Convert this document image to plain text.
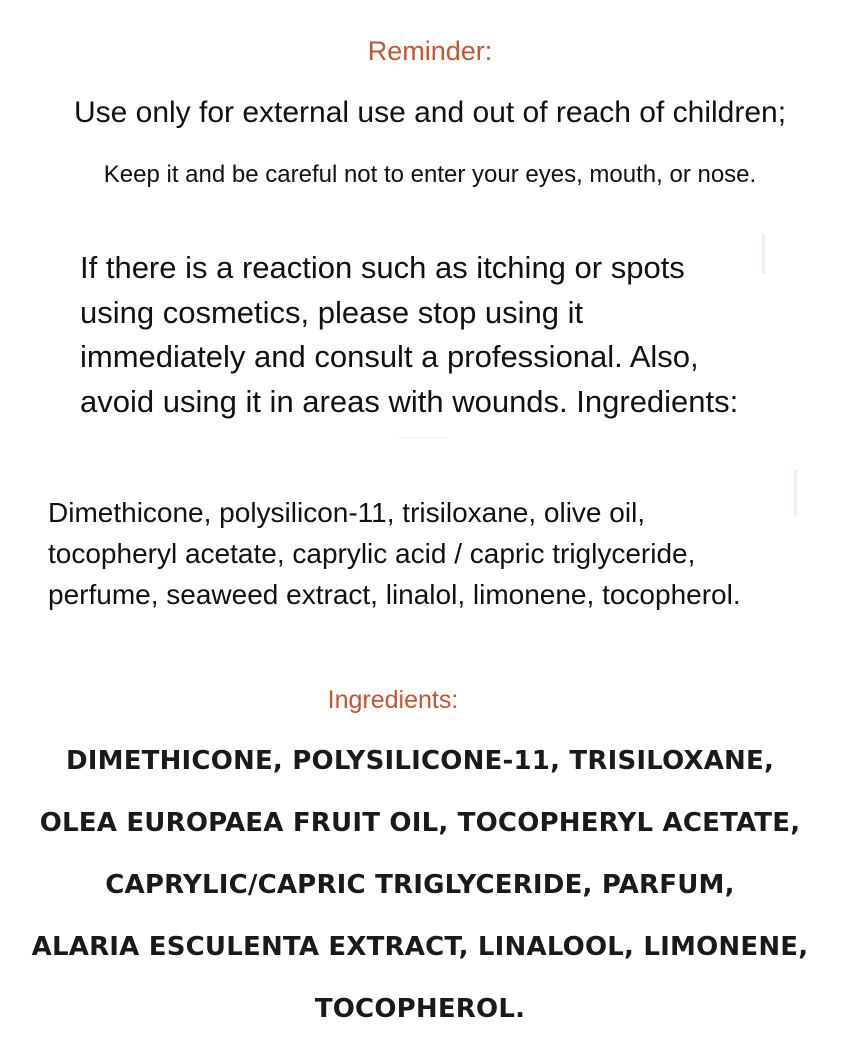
Reminder:
Use only for external use and out of reach of children;
Keep it and be careful not to enter your eyes, mouth, or nose.
If there is a reaction such as itching or spots
using cosmetics, please stop using it
immediately and consult a professional. Also,
avoid using it in areas with wounds. Ingredients:
Dimethicone, polysilicon-11, trisiloxane, olive oil,
tocopheryl acetate, caprylic acid / capric triglyceride,
perfume, seaweed extract, linalol, limonene, tocopherol.
Ingredients:
DIMETHICONE, POLYSILICONE-11, TRISILOXANE,
OLEA EUROPAEA FRUIT OIL, TOCOPHERYL ACETATE,
CAPRYLIC/CAPRIC TRIGLYCERIDE, PARFUM,
ALARIA ESCULENTA EXTRACT, LINALOOL, LIMONENE,
TOCOPHEROL.
